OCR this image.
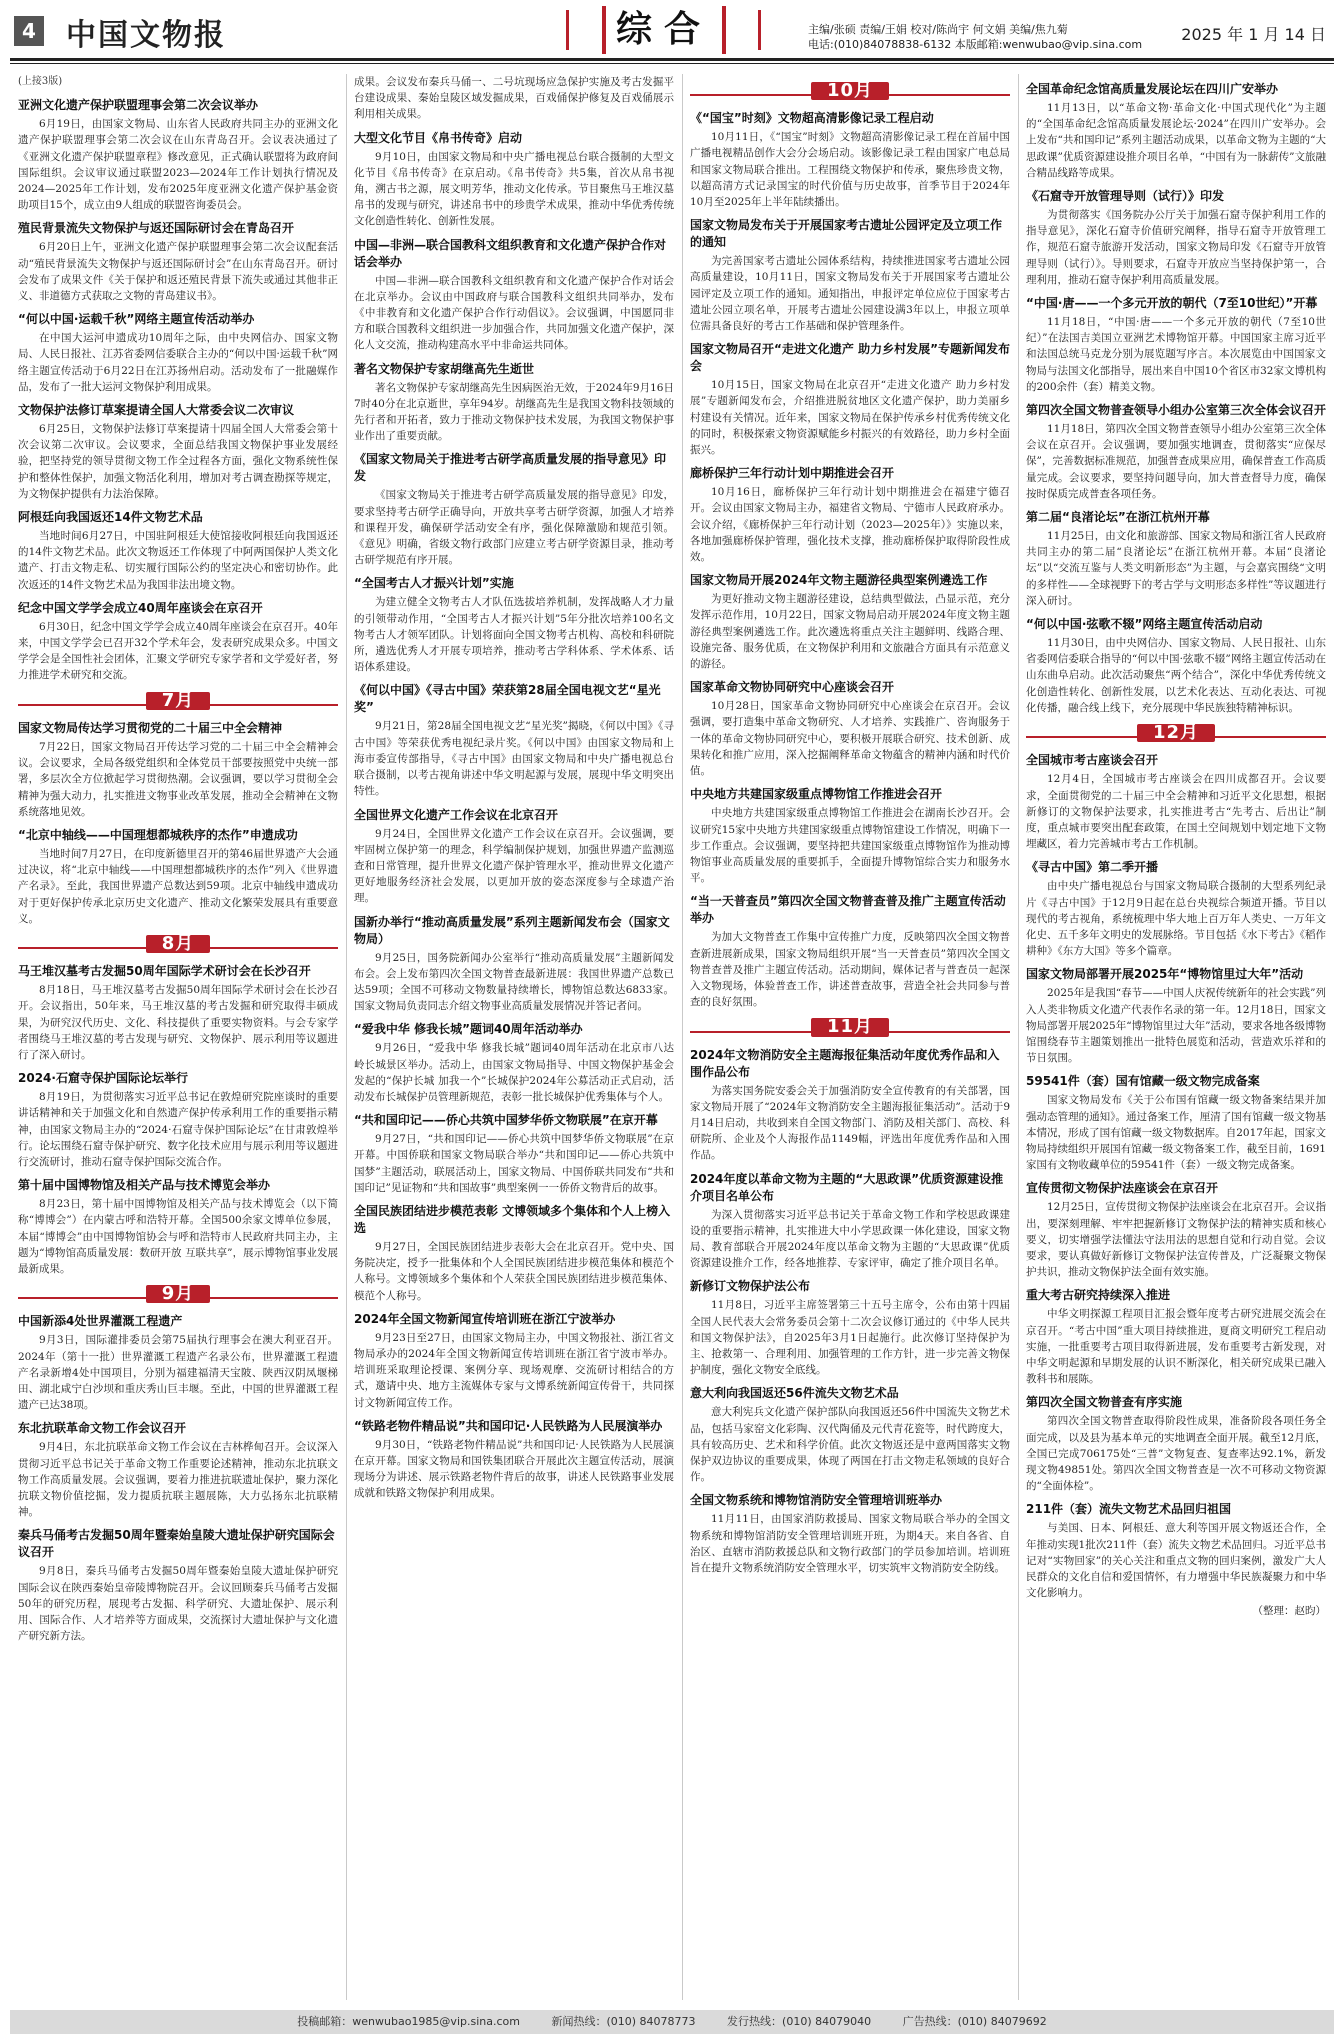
4 中国文物报	综合	主编/张硕 责编/王娟 校对/陈尚宇 何文娟 美编/焦九菊
电话:(010)84078838-6132 本版邮箱:wenwubao@vip.sina.com
2025 年 1 月 14 日
(上接3版)
亚洲文化遗产保护联盟理事会第二次会议举办

6月19日，由国家文物局、山东省人民政府共同主办的亚洲文化遗产保护联盟理事会第二次会议在山东青岛召开。会议表决通过了《亚洲文化遗产保护联盟章程》修改意见，正式确认联盟将为政府间国际组织。会议审议通过联盟2023—2024年工作计划执行情况及2024—2025年工作计划，发布2025年度亚洲文化遗产保护基金资助项目15个，成立由9人组成的联盟咨询委员会。

殖民背景流失文物保护与返还国际研讨会在青岛召开

6月20日上午，亚洲文化遗产保护联盟理事会第二次会议配套活动“殖民背景流失文物保护与返还国际研讨会”在山东青岛召开。研讨会发布了成果文件《关于保护和返还殖民背景下流失或通过其他非正义、非道德方式获取之文物的青岛建议书》。

“何以中国·运载千秋”网络主题宣传活动举办

在中国大运河申遗成功10周年之际，由中央网信办、国家文物局、人民日报社、江苏省委网信委联合主办的“何以中国·运载千秋”网络主题宣传活动于6月22日在江苏扬州启动。活动发布了一批融媒作品，发布了一批大运河文物保护利用成果。

文物保护法修订草案提请全国人大常委会议二次审议

6月25日，文物保护法修订草案提请十四届全国人大常委会第十次会议第二次审议。会议要求，全面总结我国文物保护事业发展经验，把坚持党的领导贯彻文物工作全过程各方面，强化文物系统性保护和整体性保护，加强文物活化利用，增加对考古调查勘探等规定，为文物保护提供有力法治保障。

阿根廷向我国返还14件文物艺术品

当地时间6月27日，中国驻阿根廷大使馆接收阿根廷向我国返还的14件文物艺术品。此次文物返还工作体现了中阿两国保护人类文化遗产、打击文物走私、切实履行国际公约的坚定决心和密切协作。此次返还的14件文物艺术品为我国非法出境文物。

纪念中国文学学会成立40周年座谈会在京召开

6月30日，纪念中国文学学会成立40周年座谈会在京召开。40年来，中国文学学会已召开32个学术年会，发表研究成果众多。中国文学学会是全国性社会团体，汇聚文学研究专家学者和文学爱好者，努力推进学术研究和交流。

7月
国家文物局传达学习贯彻党的二十届三中全会精神

7月22日，国家文物局召开传达学习党的二十届三中全会精神会议。会议要求，全局各级党组织和全体党员干部要按照党中央统一部署，多层次全方位掀起学习贯彻热潮。会议强调，要以学习贯彻全会精神为强大动力，扎实推进文物事业改革发展，推动全会精神在文物系统落地见效。

“北京中轴线——中国理想都城秩序的杰作”申遗成功

当地时间7月27日，在印度新德里召开的第46届世界遗产大会通过决议，将“北京中轴线——中国理想都城秩序的杰作”列入《世界遗产名录》。至此，我国世界遗产总数达到59项。北京中轴线申遗成功对于更好保护传承北京历史文化遗产、推动文化繁荣发展具有重要意义。

8月
马王堆汉墓考古发掘50周年国际学术研讨会在长沙召开

8月18日，马王堆汉墓考古发掘50周年国际学术研讨会在长沙召开。会议指出，50年来，马王堆汉墓的考古发掘和研究取得丰硕成果，为研究汉代历史、文化、科技提供了重要实物资料。与会专家学者围绕马王堆汉墓的考古发现与研究、文物保护、展示利用等议题进行了深入研讨。

2024·石窟寺保护国际论坛举行

8月19日，为贯彻落实习近平总书记在敦煌研究院座谈时的重要讲话精神和关于加强文化和自然遗产保护传承利用工作的重要指示精神，由国家文物局主办的“2024·石窟寺保护国际论坛”在甘肃敦煌举行。论坛围绕石窟寺保护研究、数字化技术应用与展示利用等议题进行交流研讨，推动石窟寺保护国际交流合作。

第十届中国博物馆及相关产品与技术博览会举办

8月23日，第十届中国博物馆及相关产品与技术博览会（以下简称“博博会”）在内蒙古呼和浩特开幕。全国500余家文博单位参展，本届“博博会”由中国博物馆协会与呼和浩特市人民政府共同主办，主题为“博物馆高质量发展：数研开放 互联共享”，展示博物馆事业发展最新成果。

9月
中国新添4处世界灌溉工程遗产

9月3日，国际灌排委员会第75届执行理事会在澳大利亚召开。2024年（第十一批）世界灌溉工程遗产名录公布，世界灌溉工程遗产名录新增4处中国项目，分别为福建福清天宝陂、陕西汉阴凤堰梯田、湖北咸宁白沙坝和重庆秀山巨丰堰。至此，中国的世界灌溉工程遗产已达38项。

东北抗联革命文物工作会议召开

9月4日，东北抗联革命文物工作会议在吉林桦甸召开。会议深入贯彻习近平总书记关于革命文物工作重要论述精神，推动东北抗联文物工作高质量发展。会议强调，要着力推进抗联遗址保护，聚力深化抗联文物价值挖掘，发力提质抗联主题展陈，大力弘扬东北抗联精神。

秦兵马俑考古发掘50周年暨秦始皇陵大遗址保护研究国际会议召开

9月8日，秦兵马俑考古发掘50周年暨秦始皇陵大遗址保护研究国际会议在陕西秦始皇帝陵博物院召开。会议回顾秦兵马俑考古发掘50年的研究历程，展现考古发掘、科学研究、大遗址保护、展示利用、国际合作、人才培养等方面成果，交流探讨大遗址保护与文化遗产研究新方法。

成果。会议发布秦兵马俑一、二号坑现场应急保护实施及考古发掘平台建设成果、秦始皇陵区域发掘成果，百戏俑保护修复及百戏俑展示利用相关成果。

大型文化节目《帛书传奇》启动

9月10日，由国家文物局和中央广播电视总台联合摄制的大型文化节目《帛书传奇》在京启动。《帛书传奇》共5集，首次从帛书视角，溯古书之源，展文明芳华，推动文化传承。节目聚焦马王堆汉墓帛书的发现与研究，讲述帛书中的珍贵学术成果，推动中华优秀传统文化创造性转化、创新性发展。

中国—非洲—联合国教科文组织教育和文化遗产保护合作对话会举办

中国—非洲—联合国教科文组织教育和文化遗产保护合作对话会在北京举办。会议由中国政府与联合国教科文组织共同举办，发布《中非教育和文化遗产保护合作行动倡议》。会议强调，中国愿同非方和联合国教科文组织进一步加强合作，共同加强文化遗产保护，深化人文交流，推动构建高水平中非命运共同体。

著名文物保护专家胡继高先生逝世

著名文物保护专家胡继高先生因病医治无效，于2024年9月16日7时40分在北京逝世，享年94岁。胡继高先生是我国文物科技领域的先行者和开拓者，致力于推动文物保护技术发展，为我国文物保护事业作出了重要贡献。

《国家文物局关于推进考古研学高质量发展的指导意见》印发

《国家文物局关于推进考古研学高质量发展的指导意见》印发，要求坚持考古研学正确导向，开放共享考古研学资源，加强人才培养和课程开发，确保研学活动安全有序，强化保障激励和规范引领。《意见》明确，省级文物行政部门应建立考古研学资源目录，推动考古研学规范有序开展。

“全国考古人才振兴计划”实施

为建立健全文物考古人才队伍选拔培养机制，发挥战略人才力量的引领带动作用，“全国考古人才振兴计划”5年分批次培养100名文物考古人才领军团队。计划将面向全国文物考古机构、高校和科研院所，遴选优秀人才开展专项培养，推动考古学科体系、学术体系、话语体系建设。

《何以中国》《寻古中国》荣获第28届全国电视文艺“星光奖”

9月21日，第28届全国电视文艺“星光奖”揭晓，《何以中国》《寻古中国》等荣获优秀电视纪录片奖。《何以中国》由国家文物局和上海市委宣传部指导，《寻古中国》由国家文物局和中央广播电视总台联合摄制，以考古视角讲述中华文明起源与发展，展现中华文明突出特性。

全国世界文化遗产工作会议在北京召开

9月24日，全国世界文化遗产工作会议在京召开。会议强调，要牢固树立保护第一的理念，科学编制保护规划，加强世界遗产监测巡查和日常管理，提升世界文化遗产保护管理水平，推动世界文化遗产更好地服务经济社会发展，以更加开放的姿态深度参与全球遗产治理。

国新办举行“推动高质量发展”系列主题新闻发布会（国家文物局）

9月25日，国务院新闻办公室举行“推动高质量发展”主题新闻发布会。会上发布第四次全国文物普查最新进展：我国世界遗产总数已达59项；全国不可移动文物数量持续增长，博物馆总数达6833家。国家文物局负责同志介绍文物事业高质量发展情况并答记者问。

“爱我中华 修我长城”题词40周年活动举办

9月26日，“爱我中华 修我长城”题词40周年活动在北京市八达岭长城景区举办。活动上，由国家文物局指导、中国文物保护基金会发起的“保护长城 加我一个”长城保护2024年公募活动正式启动，活动发布长城保护员管理新规范，表彰一批长城保护优秀集体与个人。

“共和国印记——侨心共筑中国梦华侨文物联展”在京开幕

9月27日，“共和国印记——侨心共筑中国梦华侨文物联展”在京开幕。中国侨联和国家文物局联合举办“共和国印记——侨心共筑中国梦”主题活动，联展活动上，国家文物局、中国侨联共同发布“共和国印记”见证物和“共和国故事”典型案例一一侨侨文物背后的故事。

全国民族团结进步模范表彰 文博领域多个集体和个人上榜入选

9月27日，全国民族团结进步表彰大会在北京召开。党中央、国务院决定，授予一批集体和个人全国民族团结进步模范集体和模范个人称号。文博领域多个集体和个人荣获全国民族团结进步模范集体、模范个人称号。

2024年全国文物新闻宣传培训班在浙江宁波举办

9月23日至27日，由国家文物局主办，中国文物报社、浙江省文物局承办的2024年全国文物新闻宣传培训班在浙江省宁波市举办。培训班采取理论授课、案例分享、现场观摩、交流研讨相结合的方式，邀请中央、地方主流媒体专家与文博系统新闻宣传骨干，共同探讨文物新闻宣传工作。

“铁路老物件精品说”共和国印记·人民铁路为人民展演举办

9月30日，“铁路老物件精品说”共和国印记·人民铁路为人民展演在京开幕。国家文物局和国铁集团联合开展此次主题宣传活动，展演现场分为讲述、展示铁路老物件背后的故事，讲述人民铁路事业发展成就和铁路文物保护利用成果。

10月
《“国宝”时刻》文物超高清影像记录工程启动

10月11日，《“国宝”时刻》文物超高清影像记录工程在首届中国广播电视精品创作大会分会场启动。该影像记录工程由国家广电总局和国家文物局联合推出。工程围绕文物保护和传承，聚焦珍贵文物，以超高清方式记录国宝的时代价值与历史故事，首季节目于2024年10月至2025年上半年陆续播出。

国家文物局发布关于开展国家考古遗址公园评定及立项工作的通知

为完善国家考古遗址公园体系结构，持续推进国家考古遗址公园高质量建设，10月11日，国家文物局发布关于开展国家考古遗址公园评定及立项工作的通知。通知指出，申报评定单位应位于国家考古遗址公园立项名单，开展考古遗址公园建设满3年以上，申报立项单位需具备良好的考古工作基础和保护管理条件。

国家文物局召开“走进文化遗产 助力乡村发展”专题新闻发布会

10月15日，国家文物局在北京召开“走进文化遗产 助力乡村发展”专题新闻发布会，介绍推进脱贫地区文化遗产保护，助力美丽乡村建设有关情况。近年来，国家文物局在保护传承乡村优秀传统文化的同时，积极探索文物资源赋能乡村振兴的有效路径，助力乡村全面振兴。

廊桥保护三年行动计划中期推进会召开

10月16日，廊桥保护三年行动计划中期推进会在福建宁德召开。会议由国家文物局主办，福建省文物局、宁德市人民政府承办。会议介绍，《廊桥保护三年行动计划（2023—2025年）》实施以来，各地加强廊桥保护管理，强化技术支撑，推动廊桥保护取得阶段性成效。

国家文物局开展2024年文物主题游径典型案例遴选工作

为更好推动文物主题游径建设，总结典型做法，凸显示范，充分发挥示范作用，10月22日，国家文物局启动开展2024年度文物主题游径典型案例遴选工作。此次遴选将重点关注主题鲜明、线路合理、设施完备、服务优质，在文物保护利用和文旅融合方面具有示范意义的游径。

国家革命文物协同研究中心座谈会召开

10月28日，国家革命文物协同研究中心座谈会在京召开。会议强调，要打造集中革命文物研究、人才培养、实践推广、咨询服务于一体的革命文物协同研究中心，要积极开展联合研究、技术创新、成果转化和推广应用，深入挖掘阐释革命文物蕴含的精神内涵和时代价值。

中央地方共建国家级重点博物馆工作推进会召开

中央地方共建国家级重点博物馆工作推进会在湖南长沙召开。会议研究15家中央地方共建国家级重点博物馆建设工作情况，明确下一步工作重点。会议强调，要坚持把共建国家级重点博物馆作为推动博物馆事业高质量发展的重要抓手，全面提升博物馆综合实力和服务水平。

“当一天普查员”第四次全国文物普查普及推广主题宣传活动举办

为加大文物普查工作集中宣传推广力度，反映第四次全国文物普查新进展新成果，国家文物局组织开展“当一天普查员”第四次全国文物普查普及推广主题宣传活动。活动期间，媒体记者与普查员一起深入文物现场，体验普查工作，讲述普查故事，营造全社会共同参与普查的良好氛围。

11月
2024年文物消防安全主题海报征集活动年度优秀作品和入围作品公布

为落实国务院安委会关于加强消防安全宣传教育的有关部署，国家文物局开展了“2024年文物消防安全主题海报征集活动”。活动于9月14日启动，共收到来自全国文物部门、消防及相关部门、高校、科研院所、企业及个人海报作品1149幅，评选出年度优秀作品和入围作品。

2024年度以革命文物为主题的“大思政课”优质资源建设推介项目名单公布

为深入贯彻落实习近平总书记关于革命文物工作和学校思政课建设的重要指示精神，扎实推进大中小学思政课一体化建设，国家文物局、教育部联合开展2024年度以革命文物为主题的“大思政课”优质资源建设推介工作，经各地推荐、专家评审，确定了推介项目名单。

新修订文物保护法公布

11月8日，习近平主席签署第三十五号主席令，公布由第十四届全国人民代表大会常务委员会第十二次会议修订通过的《中华人民共和国文物保护法》，自2025年3月1日起施行。此次修订坚持保护为主、抢救第一、合理利用、加强管理的工作方针，进一步完善文物保护制度，强化文物安全底线。

意大利向我国返还56件流失文物艺术品

意大利宪兵文化遗产保护部队向我国返还56件中国流失文物艺术品，包括马家窑文化彩陶、汉代陶俑及元代青花瓷等，时代跨度大，具有较高历史、艺术和科学价值。此次文物返还是中意两国落实文物保护双边协议的重要成果，体现了两国在打击文物走私领域的良好合作。

全国文物系统和博物馆消防安全管理培训班举办

11月11日，由国家消防救援局、国家文物局联合举办的全国文物系统和博物馆消防安全管理培训班开班，为期4天。来自各省、自治区、直辖市消防救援总队和文物行政部门的学员参加培训。培训班旨在提升文物系统消防安全管理水平，切实筑牢文物消防安全防线。

全国革命纪念馆高质量发展论坛在四川广安举办

11月13日，以“革命文物·革命文化·中国式现代化”为主题的“全国革命纪念馆高质量发展论坛·2024”在四川广安举办。会上发布“共和国印记”系列主题活动成果，以革命文物为主题的“大思政课”优质资源建设推介项目名单，“中国有为一脉薪传”文旅融合精品线路等成果。

《石窟寺开放管理导则（试行）》印发

为贯彻落实《国务院办公厅关于加强石窟寺保护利用工作的指导意见》，深化石窟寺价值研究阐释，指导石窟寺开放管理工作，规范石窟寺旅游开发活动，国家文物局印发《石窟寺开放管理导则（试行）》。导则要求，石窟寺开放应当坚持保护第一，合理利用，推动石窟寺保护利用高质量发展。

“中国·唐——一个多元开放的朝代（7至10世纪）”开幕

11月18日，“中国·唐——一个多元开放的朝代（7至10世纪）”在法国吉美国立亚洲艺术博物馆开幕。中国国家主席习近平和法国总统马克龙分别为展览题写序言。本次展览由中国国家文物局与法国文化部指导，展出来自中国10个省区市32家文博机构的200余件（套）精美文物。

第四次全国文物普查领导小组办公室第三次全体会议召开

11月18日，第四次全国文物普查领导小组办公室第三次全体会议在京召开。会议强调，要加强实地调查，贯彻落实“应保尽保”，完善数据标准规范，加强普查成果应用，确保普查工作高质量完成。会议要求，要坚持问题导向，加大普查督导力度，确保按时保质完成普查各项任务。

第二届“良渚论坛”在浙江杭州开幕

11月25日，由文化和旅游部、国家文物局和浙江省人民政府共同主办的第二届“良渚论坛”在浙江杭州开幕。本届“良渚论坛”以“交流互鉴与人类文明新形态”为主题，与会嘉宾围绕“文明的多样性——全球视野下的考古学与文明形态多样性”等议题进行深入研讨。

“何以中国·弦歌不辍”网络主题宣传活动启动

11月30日，由中央网信办、国家文物局、人民日报社、山东省委网信委联合指导的“何以中国·弦歌不辍”网络主题宣传活动在山东曲阜启动。此次活动聚焦“两个结合”，深化中华优秀传统文化创造性转化、创新性发展，以艺术化表达、互动化表达、可视化传播，融合线上线下，充分展现中华民族独特精神标识。

12月
全国城市考古座谈会召开

12月4日，全国城市考古座谈会在四川成都召开。会议要求，全面贯彻党的二十届三中全会精神和习近平文化思想，根据新修订的文物保护法要求，扎实推进考古“先考古、后出让”制度，重点城市要突出配套政策，在国土空间规划中划定地下文物埋藏区，着力完善城市考古工作机制。

《寻古中国》第二季开播

由中央广播电视总台与国家文物局联合摄制的大型系列纪录片《寻古中国》于12月9日起在总台央视综合频道开播。节目以现代的考古视角，系统梳理中华大地上百万年人类史、一万年文化史、五千多年文明史的发展脉络。节目包括《水下考古》《稻作耕种》《东方大国》等多个篇章。

国家文物局部署开展2025年“博物馆里过大年”活动

2025年是我国“春节——中国人庆祝传统新年的社会实践”列入人类非物质文化遗产代表作名录的第一年。12月18日，国家文物局部署开展2025年“博物馆里过大年”活动，要求各地各级博物馆围绕春节主题策划推出一批特色展览和活动，营造欢乐祥和的节日氛围。

59541件（套）国有馆藏一级文物完成备案

国家文物局发布《关于公布国有馆藏一级文物备案结果并加强动态管理的通知》。通过备案工作，厘清了国有馆藏一级文物基本情况，形成了国有馆藏一级文物数据库。自2017年起，国家文物局持续组织开展国有馆藏一级文物备案工作，截至目前，1691家国有文物收藏单位的59541件（套）一级文物完成备案。

宣传贯彻文物保护法座谈会在京召开

12月25日，宣传贯彻文物保护法座谈会在北京召开。会议指出，要深刻理解、牢牢把握新修订文物保护法的精神实质和核心要义，切实增强学法懂法守法用法的思想自觉和行动自觉。会议要求，要认真做好新修订文物保护法宣传普及，广泛凝聚文物保护共识，推动文物保护法全面有效实施。

重大考古研究持续深入推进

中华文明探源工程项目汇报会暨年度考古研究进展交流会在京召开。“考古中国”重大项目持续推进，夏商文明研究工程启动实施，一批重要考古项目取得新进展，发布重要考古新发现，对中华文明起源和早期发展的认识不断深化，相关研究成果已融入教科书和展陈。

第四次全国文物普查有序实施

第四次全国文物普查取得阶段性成果，准备阶段各项任务全面完成，以及县为基本单元的实地调查全面开展。截至12月底，全国已完成706175处“三普”文物复查、复查率达92.1%，新发现文物49851处。第四次全国文物普查是一次不可移动文物资源的“全面体检”。

211件（套）流失文物艺术品回归祖国

与美国、日本、阿根廷、意大利等国开展文物返还合作，全年推动实现1批次211件（套）流失文物艺术品回归。习近平总书记对“实物回家”的关心关注和重点文物的回归案例，激发广大人民群众的文化自信和爱国情怀，有力增强中华民族凝聚力和中华文化影响力。

（整理：赵昀）
投稿邮箱：wenwubao1985@vip.sina.com	新闻热线：(010) 84078773	发行热线：(010) 84079040	广告热线：(010) 84079692
